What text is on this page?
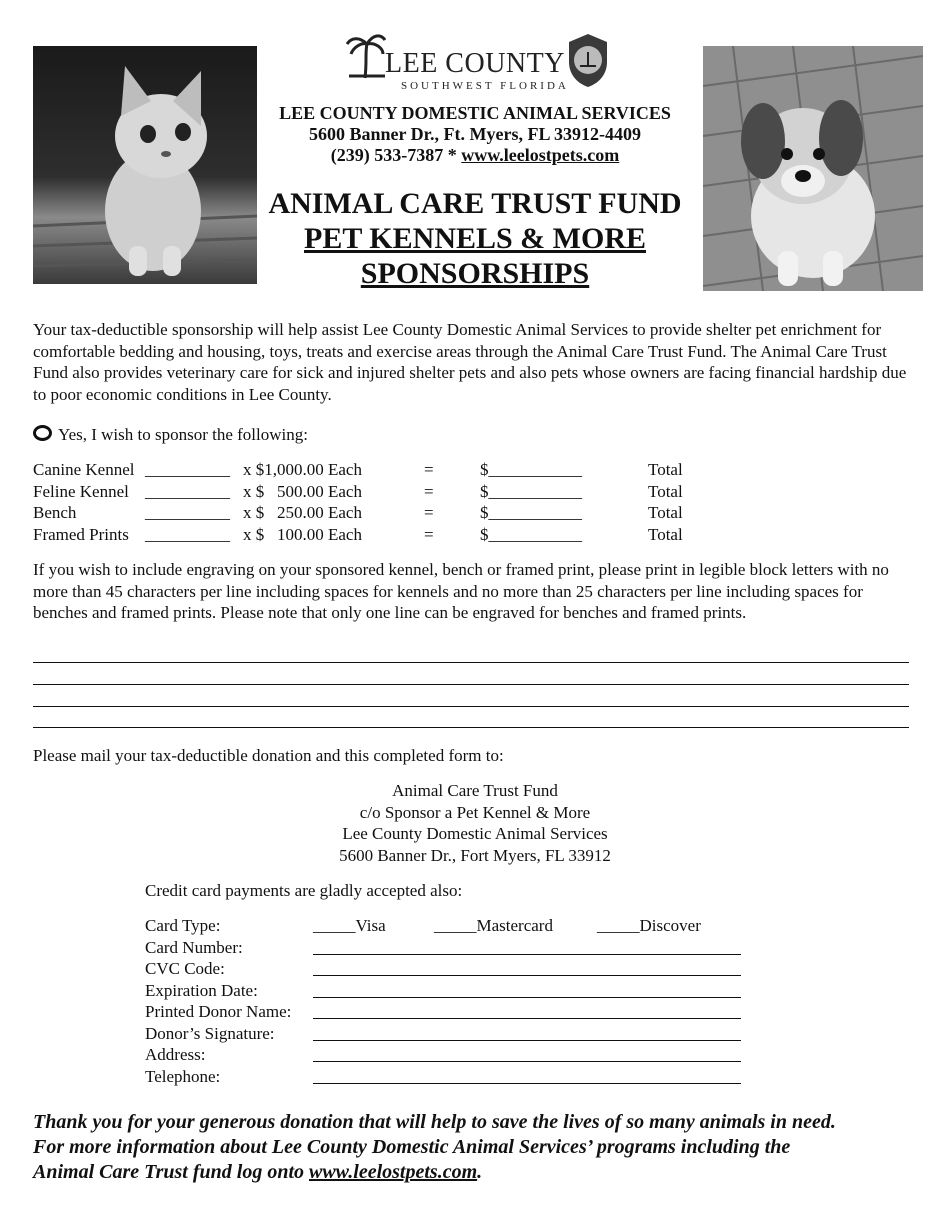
LEE COUNTY
SOUTHWEST FLORIDA
LEE COUNTY DOMESTIC ANIMAL SERVICES
5600 Banner Dr., Ft. Myers, FL 33912-4409
(239) 533-7387 * www.leelostpets.com
ANIMAL CARE TRUST FUND
PET KENNELS & MORE
SPONSORSHIPS
Your tax-deductible sponsorship will help assist Lee County Domestic Animal Services to provide shelter pet enrichment for comfortable bedding and housing, toys, treats and exercise areas through the Animal Care Trust Fund. The Animal Care Trust Fund also provides veterinary care for sick and injured shelter pets and also pets whose owners are facing financial hardship due to poor economic conditions in Lee County.
Yes, I wish to sponsor the following:
Canine Kennel __________ x $1,000.00 Each	=	$___________	Total
Feline Kennel __________ x $   500.00 Each	=	$___________	Total
Bench	__________ x $   250.00 Each	=	$___________	Total
Framed Prints __________ x $   100.00 Each	=	$___________	Total
If you wish to include engraving on your sponsored kennel, bench or framed print, please print in legible block letters with no more than 45 characters per line including spaces for kennels and no more than 25 characters per line including spaces for benches and framed prints. Please note that only one line can be engraved for benches and framed prints.
Please mail your tax-deductible donation and this completed form to:
Animal Care Trust Fund
c/o Sponsor a Pet Kennel & More
Lee County Domestic Animal Services
5600 Banner Dr., Fort Myers, FL 33912
Credit card payments are gladly accepted also:
Card Type:	_____Visa	_____Mastercard	_____Discover
Card Number:
CVC Code:
Expiration Date:
Printed Donor Name:
Donor’s Signature:
Address:
Telephone:
Thank you for your generous donation that will help to save the lives of so many animals in need.
For more information about Lee County Domestic Animal Services’ programs including the
Animal Care Trust fund log onto www.leelostpets.com.
